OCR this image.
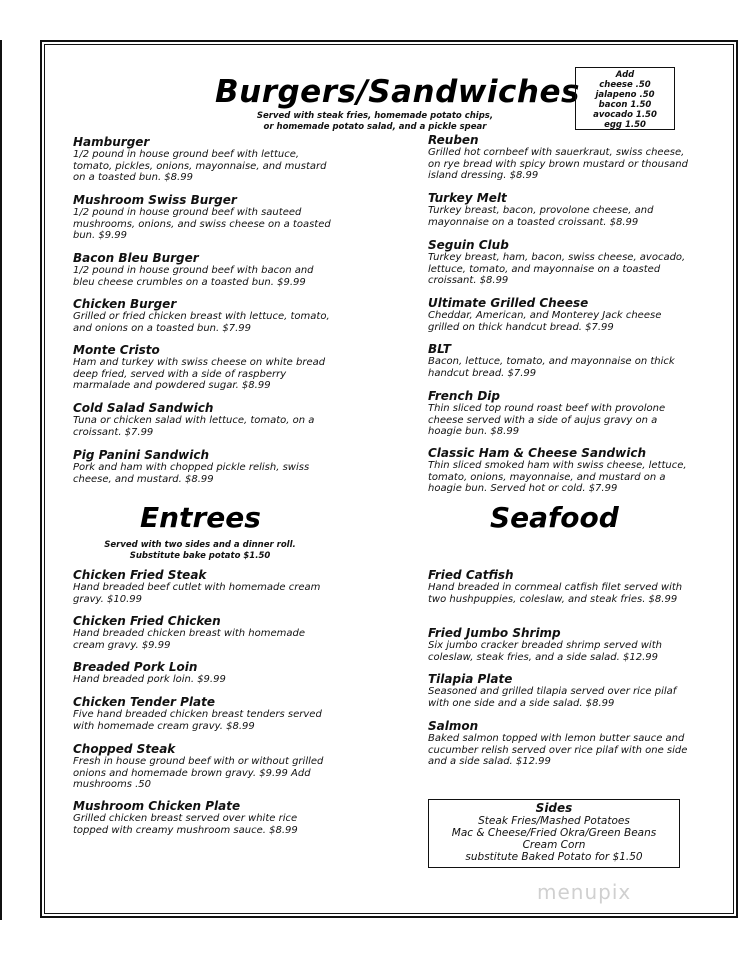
Burgers/Sandwiches
Served with steak fries, homemade potato chips,
or homemade potato salad, and a pickle spear
Add
cheese .50
jalapeno .50
bacon 1.50
avocado 1.50
egg 1.50
Hamburger
1/2 pound in house ground beef with lettuce, tomato, pickles, onions, mayonnaise, and mustard on a toasted bun. $8.99
Mushroom Swiss Burger
1/2 pound in house ground beef with sauteed mushrooms, onions, and swiss cheese on a toasted bun. $9.99
Bacon Bleu Burger
1/2 pound in house ground beef with bacon and bleu cheese crumbles on a toasted bun. $9.99
Chicken Burger
Grilled or fried chicken breast with lettuce, tomato, and onions on a toasted bun. $7.99
Monte Cristo
Ham and turkey with swiss cheese on white bread deep fried, served with a side of raspberry marmalade and powdered sugar. $8.99
Cold Salad Sandwich
Tuna or chicken salad with lettuce, tomato, on a croissant. $7.99
Pig Panini Sandwich
Pork and ham with chopped pickle relish, swiss cheese, and mustard. $8.99
Reuben
Grilled hot cornbeef with sauerkraut, swiss cheese, on rye bread with spicy brown mustard or thousand island dressing. $8.99
Turkey Melt
Turkey breast, bacon, provolone cheese, and mayonnaise on a toasted croissant. $8.99
Seguin Club
Turkey breast, ham, bacon, swiss cheese, avocado, lettuce, tomato, and mayonnaise on a toasted croissant. $8.99
Ultimate Grilled Cheese
Cheddar, American, and Monterey Jack cheese grilled on thick handcut bread. $7.99
BLT
Bacon, lettuce, tomato, and mayonnaise on thick handcut bread. $7.99
French Dip
Thin sliced top round roast beef with provolone cheese served with a side of aujus gravy on a hoagie bun. $8.99
Classic Ham & Cheese Sandwich
Thin sliced smoked ham with swiss cheese, lettuce, tomato, onions, mayonnaise, and mustard on a hoagie bun. Served hot or cold. $7.99
Entrees
Served with two sides and a dinner roll.
Substitute bake potato $1.50
Seafood
Chicken Fried Steak
Hand breaded beef cutlet with homemade cream gravy. $10.99
Chicken Fried Chicken
Hand breaded chicken breast with homemade cream gravy. $9.99
Breaded Pork Loin
Hand breaded pork loin. $9.99
Chicken Tender Plate
Five hand breaded chicken breast tenders served with homemade cream gravy. $8.99
Chopped Steak
Fresh in house ground beef with or without grilled onions and homemade brown gravy. $9.99 Add mushrooms .50
Mushroom Chicken Plate
Grilled chicken breast served over white rice topped with creamy mushroom sauce. $8.99
Fried Catfish
Hand breaded in cornmeal catfish filet served with two hushpuppies, coleslaw, and steak fries. $8.99
Fried Jumbo Shrimp
Six jumbo cracker breaded shrimp served with coleslaw, steak fries, and a side salad. $12.99
Tilapia Plate
Seasoned and grilled tilapia served over rice pilaf with one side and a side salad. $8.99
Salmon
Baked salmon topped with lemon butter sauce and cucumber relish served over rice pilaf with one side and a side salad. $12.99
Sides
Steak Fries/Mashed Potatoes
Mac & Cheese/Fried Okra/Green Beans
Cream Corn
substitute Baked Potato for $1.50
menupix
